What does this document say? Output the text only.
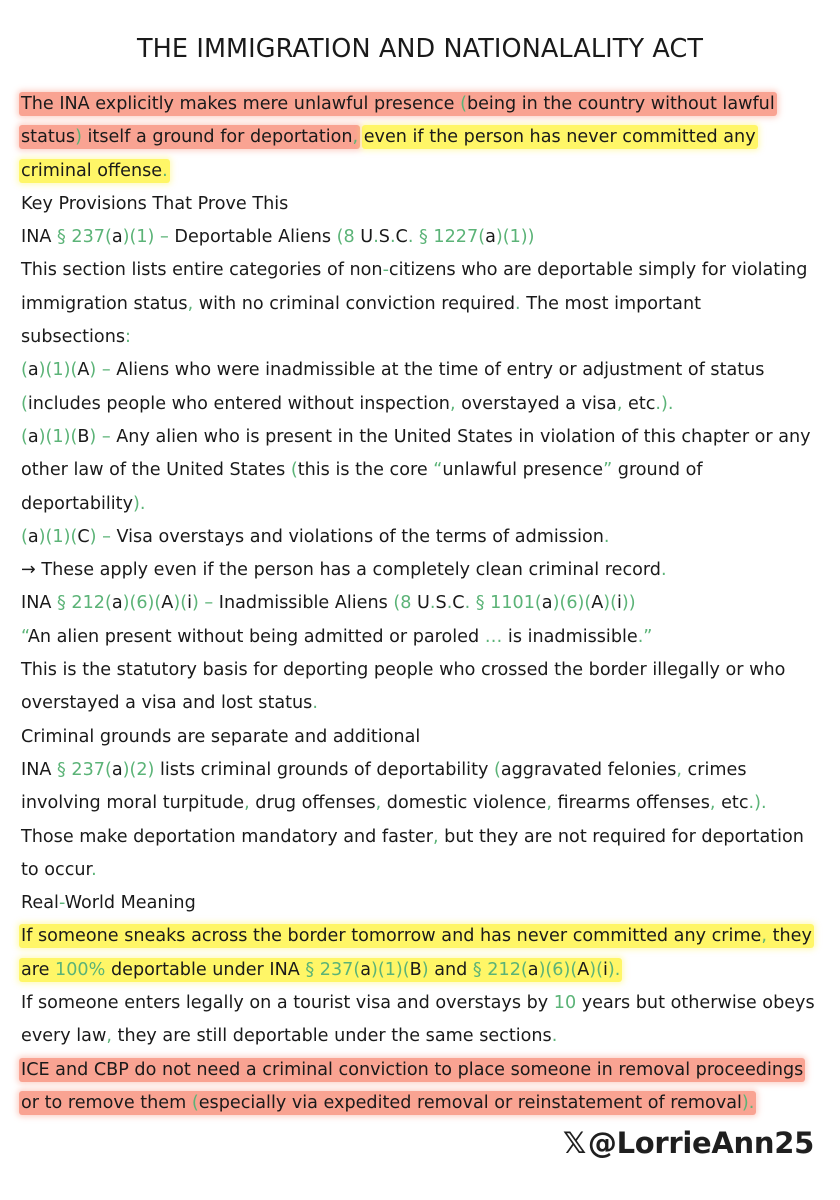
THE IMMIGRATION AND NATIONALALITY ACT
The INA explicitly makes mere unlawful presence (being in the country without lawful
status) itself a ground for deportation, even if the person has never committed any
criminal offense.
Key Provisions That Prove This
INA § 237(a)(1) – Deportable Aliens (8 U.S.C. § 1227(a)(1))
This section lists entire categories of non-citizens who are deportable simply for violating
immigration status, with no criminal conviction required. The most important
subsections:
(a)(1)(A) – Aliens who were inadmissible at the time of entry or adjustment of status
(includes people who entered without inspection, overstayed a visa, etc.).
(a)(1)(B) – Any alien who is present in the United States in violation of this chapter or any
other law of the United States (this is the core “unlawful presence” ground of
deportability).
(a)(1)(C) – Visa overstays and violations of the terms of admission.
→ These apply even if the person has a completely clean criminal record.
INA § 212(a)(6)(A)(i) – Inadmissible Aliens (8 U.S.C. § 1101(a)(6)(A)(i))
“An alien present without being admitted or paroled … is inadmissible.”
This is the statutory basis for deporting people who crossed the border illegally or who
overstayed a visa and lost status.
Criminal grounds are separate and additional
INA § 237(a)(2) lists criminal grounds of deportability (aggravated felonies, crimes
involving moral turpitude, drug offenses, domestic violence, firearms offenses, etc.).
Those make deportation mandatory and faster, but they are not required for deportation
to occur.
Real-World Meaning
If someone sneaks across the border tomorrow and has never committed any crime, they
are 100% deportable under INA § 237(a)(1)(B) and § 212(a)(6)(A)(i).
If someone enters legally on a tourist visa and overstays by 10 years but otherwise obeys
every law, they are still deportable under the same sections.
ICE and CBP do not need a criminal conviction to place someone in removal proceedings
or to remove them (especially via expedited removal or reinstatement of removal).
𝕏@LorrieAnn25
